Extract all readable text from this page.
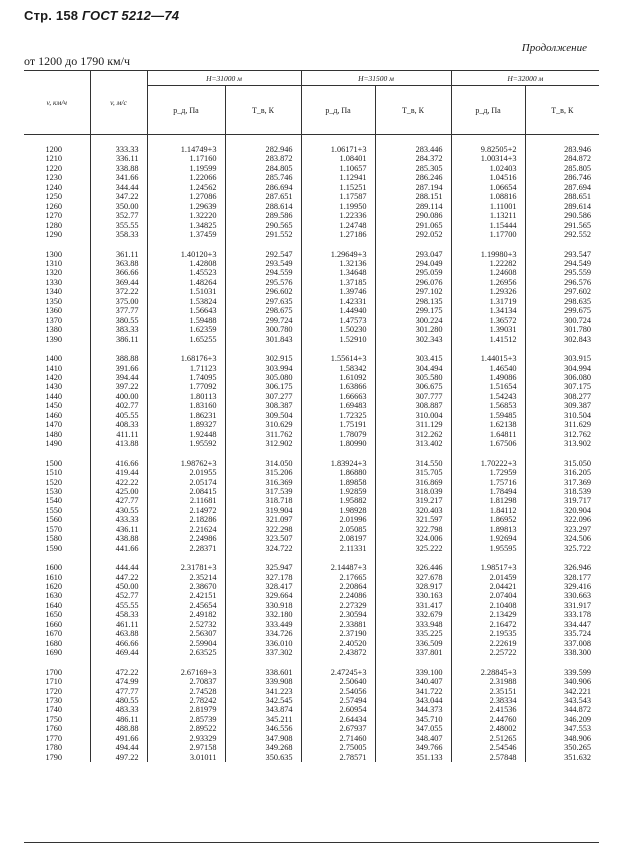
Стр. 158 ГОСТ 5212—74
Продолжение
от 1200 до 1790 км/ч
v, км/ч	v, м/с	H=31000 м		H=31500 м		H=32000 м	
		p_д, Па	T_в, К	p_д, Па	T_в, К	p_д, Па	T_в, К
1200	333.33	1.14749+3	282.946	1.06171+3	283.446	9.82505+2	283.946
1210	336.11	1.17160	283.872	1.08401	284.372	1.00314+3	284.872
1220	338.88	1.19599	284.805	1.10657	285.305	1.02403	285.805
1230	341.66	1.22066	285.746	1.12941	286.246	1.04516	286.746
1240	344.44	1.24562	286.694	1.15251	287.194	1.06654	287.694
1250	347.22	1.27086	287.651	1.17587	288.151	1.08816	288.651
1260	350.00	1.29639	288.614	1.19950	289.114	1.11001	289.614
1270	352.77	1.32220	289.586	1.22336	290.086	1.13211	290.586
1280	355.55	1.34825	290.565	1.24748	291.065	1.15444	291.565
1290	358.33	1.37459	291.552	1.27186	292.052	1.17700	292.552
1300	361.11	1.40120+3	292.547	1.29649+3	293.047	1.19980+3	293.547
1310	363.88	1.42808	293.549	1.32136	294.049	1.22282	294.549
1320	366.66	1.45523	294.559	1.34648	295.059	1.24608	295.559
1330	369.44	1.48264	295.576	1.37185	296.076	1.26956	296.576
1340	372.22	1.51031	296.602	1.39746	297.102	1.29326	297.602
1350	375.00	1.53824	297.635	1.42331	298.135	1.31719	298.635
1360	377.77	1.56643	298.675	1.44940	299.175	1.34134	299.675
1370	380.55	1.59488	299.724	1.47573	300.224	1.36572	300.724
1380	383.33	1.62359	300.780	1.50230	301.280	1.39031	301.780
1390	386.11	1.65255	301.843	1.52910	302.343	1.41512	302.843
1400	388.88	1.68176+3	302.915	1.55614+3	303.415	1.44015+3	303.915
1410	391.66	1.71123	303.994	1.58342	304.494	1.46540	304.994
1420	394.44	1.74095	305.080	1.61092	305.580	1.49086	306.080
1430	397.22	1.77092	306.175	1.63866	306.675	1.51654	307.175
1440	400.00	1.80113	307.277	1.66663	307.777	1.54243	308.277
1450	402.77	1.83160	308.387	1.69483	308.887	1.56853	309.387
1460	405.55	1.86231	309.504	1.72325	310.004	1.59485	310.504
1470	408.33	1.89327	310.629	1.75191	311.129	1.62138	311.629
1480	411.11	1.92448	311.762	1.78079	312.262	1.64811	312.762
1490	413.88	1.95592	312.902	1.80990	313.402	1.67506	313.902
1500	416.66	1.98762+3	314.050	1.83924+3	314.550	1.70222+3	315.050
1510	419.44	2.01955	315.206	1.86880	315.705	1.72959	316.205
1520	422.22	2.05174	316.369	1.89858	316.869	1.75716	317.369
1530	425.00	2.08415	317.539	1.92859	318.039	1.78494	318.539
1540	427.77	2.11681	318.718	1.95882	319.217	1.81298	319.717
1550	430.55	2.14972	319.904	1.98928	320.403	1.84112	320.904
1560	433.33	2.18286	321.097	2.01996	321.597	1.86952	322.096
1570	436.11	2.21624	322.298	2.05085	322.798	1.89813	323.297
1580	438.88	2.24986	323.507	2.08197	324.006	1.92694	324.506
1590	441.66	2.28371	324.722	2.11331	325.222	1.95595	325.722
1600	444.44	2.31781+3	325.947	2.14487+3	326.446	1.98517+3	326.946
1610	447.22	2.35214	327.178	2.17665	327.678	2.01459	328.177
1620	450.00	2.38670	328.417	2.20864	328.917	2.04421	329.416
1630	452.77	2.42151	329.664	2.24086	330.163	2.07404	330.663
1640	455.55	2.45654	330.918	2.27329	331.417	2.10408	331.917
1650	458.33	2.49182	332.180	2.30594	332.679	2.13429	333.178
1660	461.11	2.52732	333.449	2.33881	333.948	2.16472	334.447
1670	463.88	2.56307	334.726	2.37190	335.225	2.19535	335.724
1680	466.66	2.59904	336.010	2.40520	336.509	2.22619	337.008
1690	469.44	2.63525	337.302	2.43872	337.801	2.25722	338.300
1700	472.22	2.67169+3	338.601	2.47245+3	339.100	2.28845+3	339.599
1710	474.99	2.70837	339.908	2.50640	340.407	2.31988	340.906
1720	477.77	2.74528	341.223	2.54056	341.722	2.35151	342.221
1730	480.55	2.78242	342.545	2.57494	343.044	2.38334	343.543
1740	483.33	2.81979	343.874	2.60954	344.373	2.41536	344.872
1750	486.11	2.85739	345.211	2.64434	345.710	2.44760	346.209
1760	488.88	2.89522	346.556	2.67937	347.055	2.48002	347.553
1770	491.66	2.93329	347.908	2.71460	348.407	2.51265	348.906
1780	494.44	2.97158	349.268	2.75005	349.766	2.54546	350.265
1790	497.22	3.01011	350.635	2.78571	351.133	2.57848	351.632
